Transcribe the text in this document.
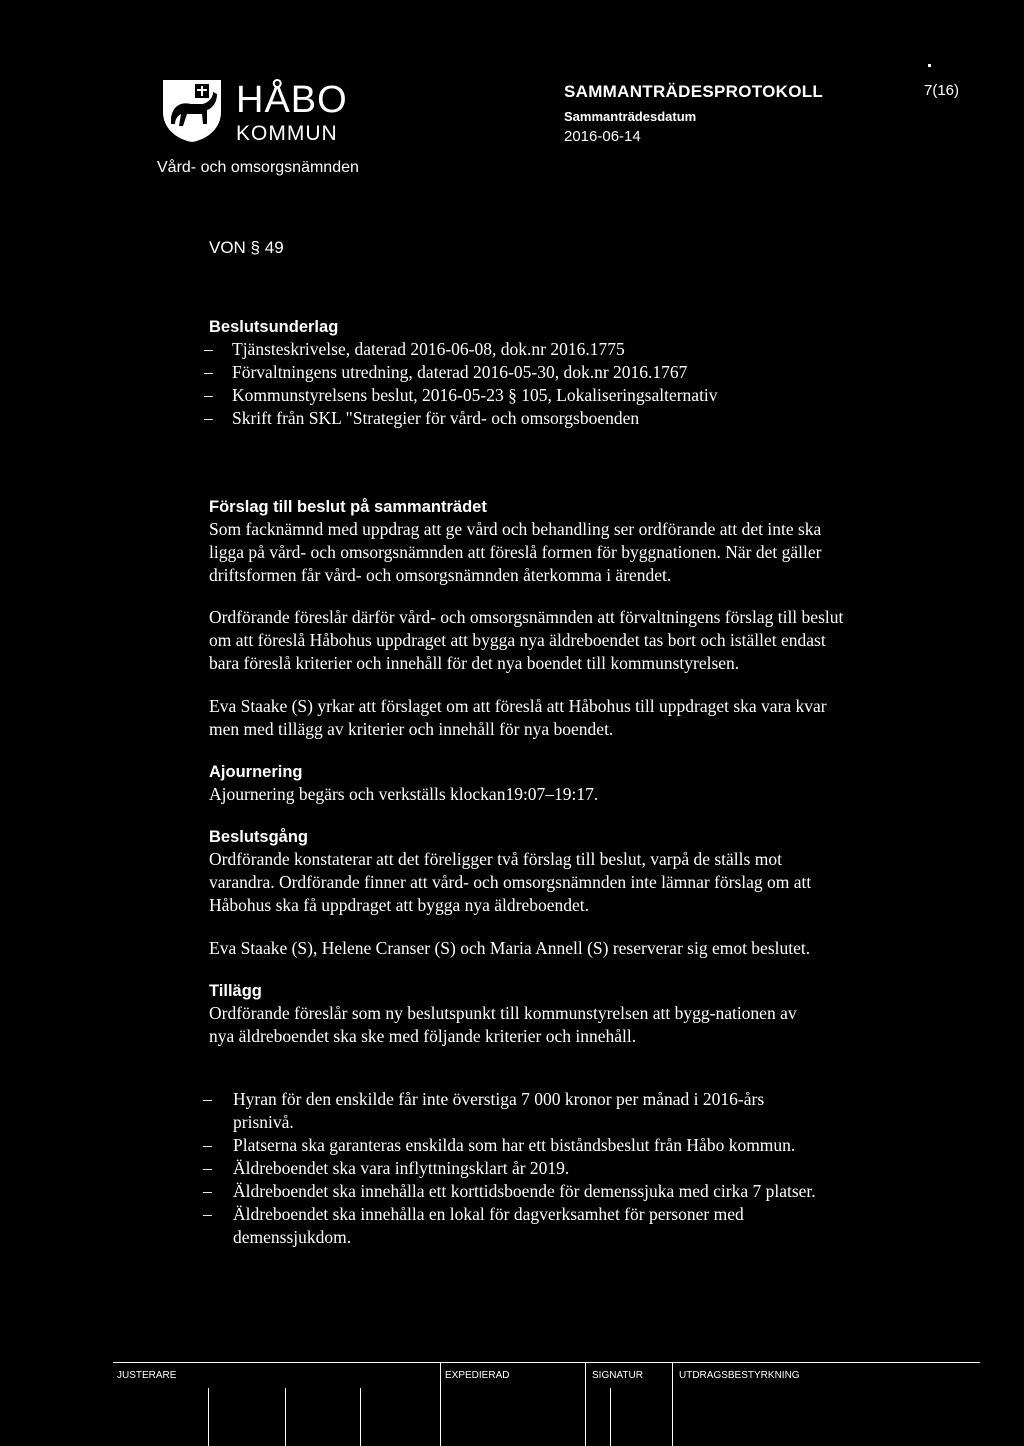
HÅBO
KOMMUN
Vård- och omsorgsnämnden
SAMMANTRÄDESPROTOKOLL
Sammanträdesdatum
2016-06-14
7(16)
VON § 49
Beslutsunderlag
– Tjänsteskrivelse, daterad 2016-06-08, dok.nr 2016.1775
– Förvaltningens utredning, daterad 2016-05-30, dok.nr 2016.1767
– Kommunstyrelsens beslut, 2016-05-23 § 105, Lokaliseringsalternativ
– Skrift från SKL "Strategier för vård- och omsorgsboenden
Förslag till beslut på sammanträdet

Som facknämnd med uppdrag att ge vård och behandling ser ordförande att det inte ska ligga på vård- och omsorgsnämnden att föreslå formen för byggnationen. När det gäller driftsformen får vård- och omsorgsnämnden återkomma i ärendet.

Ordförande föreslår därför vård- och omsorgsnämnden att förvaltningens förslag till beslut om att föreslå Håbohus uppdraget att bygga nya äldreboendet tas bort och istället endast bara föreslå kriterier och innehåll för det nya boendet till kommunstyrelsen.

Eva Staake (S) yrkar att förslaget om att föreslå att Håbohus till uppdraget ska vara kvar men med tillägg av kriterier och innehåll för nya boendet.

Ajournering

Ajournering begärs och verkställs klockan19:07–19:17.

Beslutsgång

Ordförande konstaterar att det föreligger två förslag till beslut, varpå de ställs mot varandra. Ordförande finner att vård- och omsorgsnämnden inte lämnar förslag om att Håbohus ska få uppdraget att bygga nya äldreboendet.

Eva Staake (S), Helene Cranser (S) och Maria Annell (S) reserverar sig emot beslutet.

Tillägg

Ordförande föreslår som ny beslutspunkt till kommunstyrelsen att bygg-nationen av nya äldreboendet ska ske med följande kriterier och innehåll.

– Hyran för den enskilde får inte överstiga 7 000 kronor per månad i 2016-års prisnivå.
– Platserna ska garanteras enskilda som har ett biståndsbeslut från Håbo kommun.
– Äldreboendet ska vara inflyttningsklart år 2019.
– Äldreboendet ska innehålla ett korttidsboende för demenssjuka med cirka 7 platser.
– Äldreboendet ska innehålla en lokal för dagverksamhet för personer med demenssjukdom.
JUSTERARE	EXPEDIERAD	SIGNATUR	UTDRAGSBESTYRKNING
